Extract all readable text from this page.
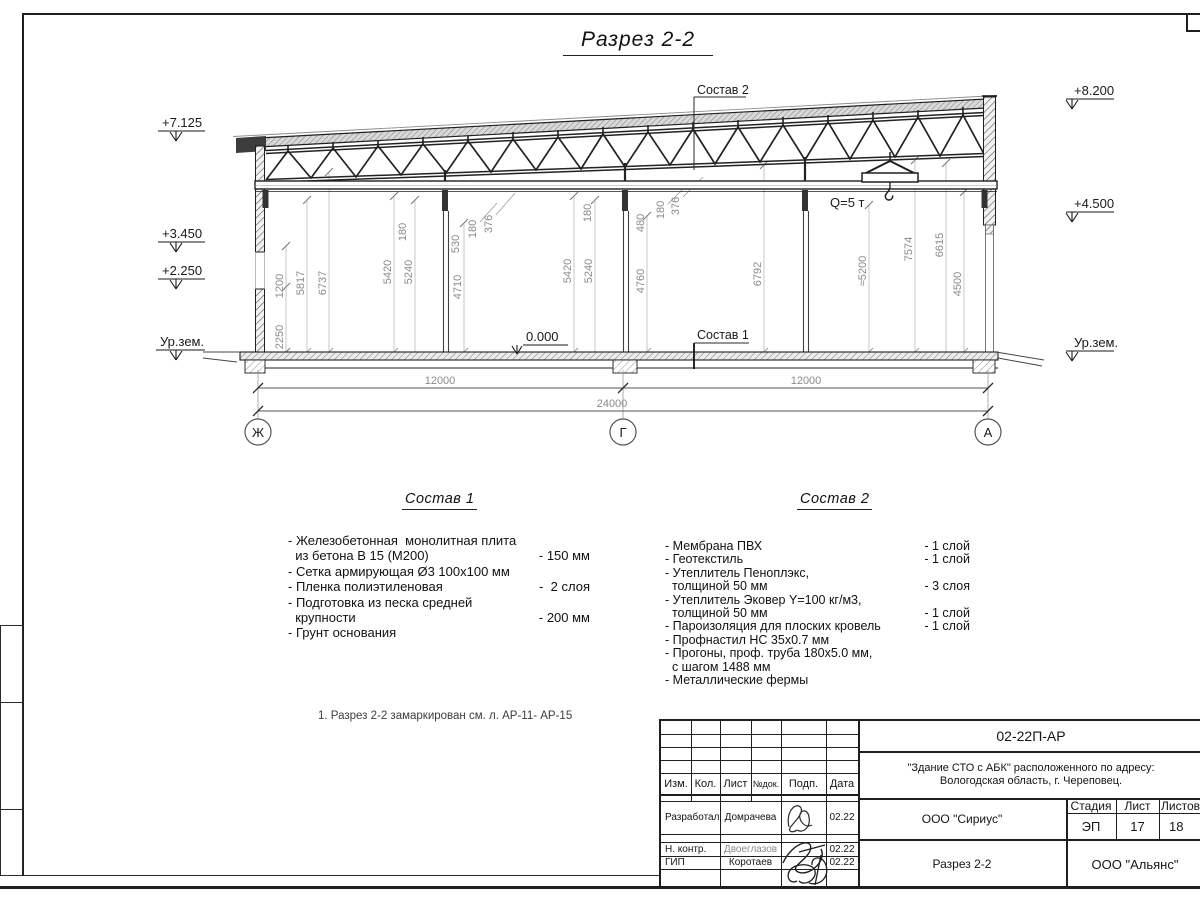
Разрез 2-2
12000	12000
24000
Ж	Г	А
2250
1200 5817 6737	5420 5240
4710
180
530
180 376
180
5420 5240
480
180 376
4760	6792	≈5200
7574 6615
4500
+7.125
+3.450
+2.250
Ур.зем.
+8.200
+4.500
Ур.зем.
0.000
Q=5 т
Состав 2
Состав 1
Состав 1
- Железобетонная  монолитная плита
из бетона В 15 (М200)	- 150 мм
- Сетка армирующая Ø3 100х100 мм
- Пленка полиэтиленовая	-  2 слоя
- Подготовка из песка средней
крупности	- 200 мм
- Грунт основания
Состав 2
- Мембрана ПВХ	- 1 слой
- Геотекстиль	- 1 слой
- Утеплитель Пеноплэкс,
толщиной 50 мм	- 3 слоя
- Утеплитель Эковер Y=100 кг/м3,
толщиной 50 мм	- 1 слой
- Пароизоляция для плоских кровель	- 1 слой
- Профнастил НС 35х0.7 мм
- Прогоны, проф. труба 180х5.0 мм,
с шагом 1488 мм
- Металлические фермы
1. Разрез 2-2 замаркирован см. л. АР-11- АР-15
Изм. Кол. Лист №док. Подп.	Дата
Разработал Домрачева	02.22
Н. контр.	Двоеглазов	02.22
ГИП	Коротаев	02.22
02-22П-АР
"Здание СТО с АБК" расположенного по адресу:
Вологодская область, г. Череповец.
ООО "Сириус"
Разрез 2-2
Стадия	Лист Листов
ЭП	17	18
ООО "Альянс"
